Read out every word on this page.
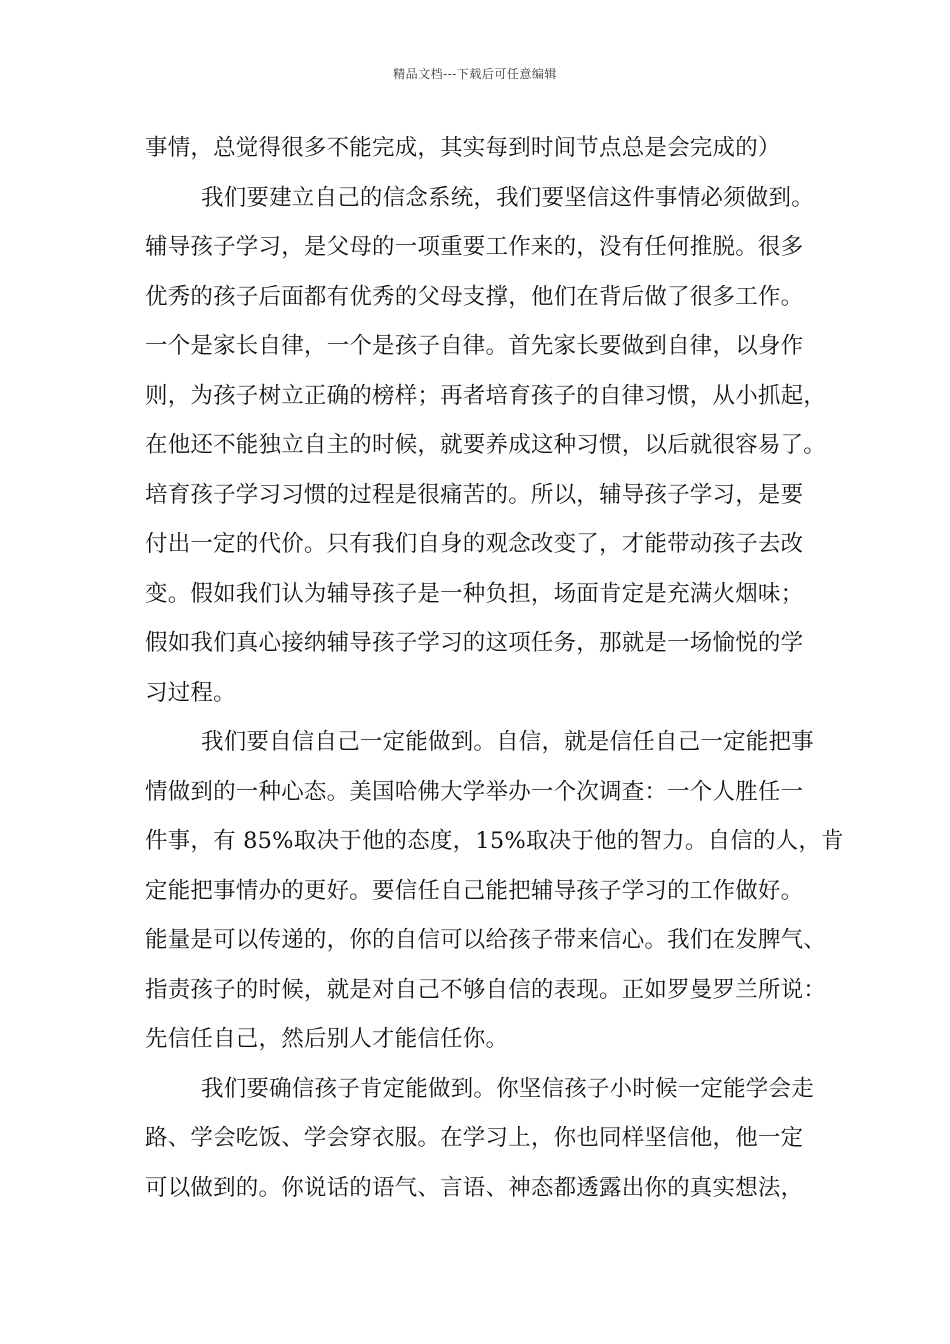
精品文档---下载后可任意编辑
事情，总觉得很多不能完成，其实每到时间节点总是会完成的）
我们要建立自己的信念系统，我们要坚信这件事情必须做到。
辅导孩子学习，是父母的一项重要工作来的，没有任何推脱。很多
优秀的孩子后面都有优秀的父母支撑，他们在背后做了很多工作。
一个是家长自律，一个是孩子自律。首先家长要做到自律，以身作
则，为孩子树立正确的榜样；再者培育孩子的自律习惯，从小抓起，
在他还不能独立自主的时候，就要养成这种习惯，以后就很容易了。
培育孩子学习习惯的过程是很痛苦的。所以，辅导孩子学习，是要
付出一定的代价。只有我们自身的观念改变了，才能带动孩子去改
变。假如我们认为辅导孩子是一种负担，场面肯定是充满火烟味；
假如我们真心接纳辅导孩子学习的这项任务，那就是一场愉悦的学
习过程。
我们要自信自己一定能做到。自信，就是信任自己一定能把事
情做到的一种心态。美国哈佛大学举办一个次调查：一个人胜任一
件事，有 85%取决于他的态度，15%取决于他的智力。自信的人，肯
定能把事情办的更好。要信任自己能把辅导孩子学习的工作做好。
能量是可以传递的，你的自信可以给孩子带来信心。我们在发脾气、
指责孩子的时候，就是对自己不够自信的表现。正如罗曼罗兰所说：
先信任自己，然后别人才能信任你。
我们要确信孩子肯定能做到。你坚信孩子小时候一定能学会走
路、学会吃饭、学会穿衣服。在学习上，你也同样坚信他，他一定
可以做到的。你说话的语气、言语、神态都透露出你的真实想法，
